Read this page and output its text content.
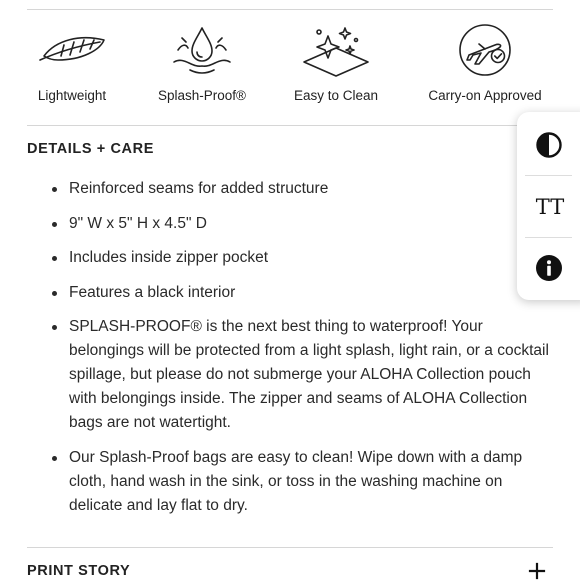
Lightweight	Splash-Proof®	Easy to Clean	Carry-on Approved
DETAILS + CARE
Reinforced seams for added structure
9" W x 5" H x 4.5" D
Includes inside zipper pocket
Features a black interior
SPLASH-PROOF® is the next best thing to waterproof! Your belongings will be protected from a light splash, light rain, or a cocktail spillage, but please do not submerge your ALOHA Collection pouch with belongings inside. The zipper and seams of ALOHA Collection bags are not watertight.
Our Splash-Proof bags are easy to clean! Wipe down with a damp cloth, hand wash in the sink, or toss in the washing machine on delicate and lay flat to dry.
PRINT STORY
TT
